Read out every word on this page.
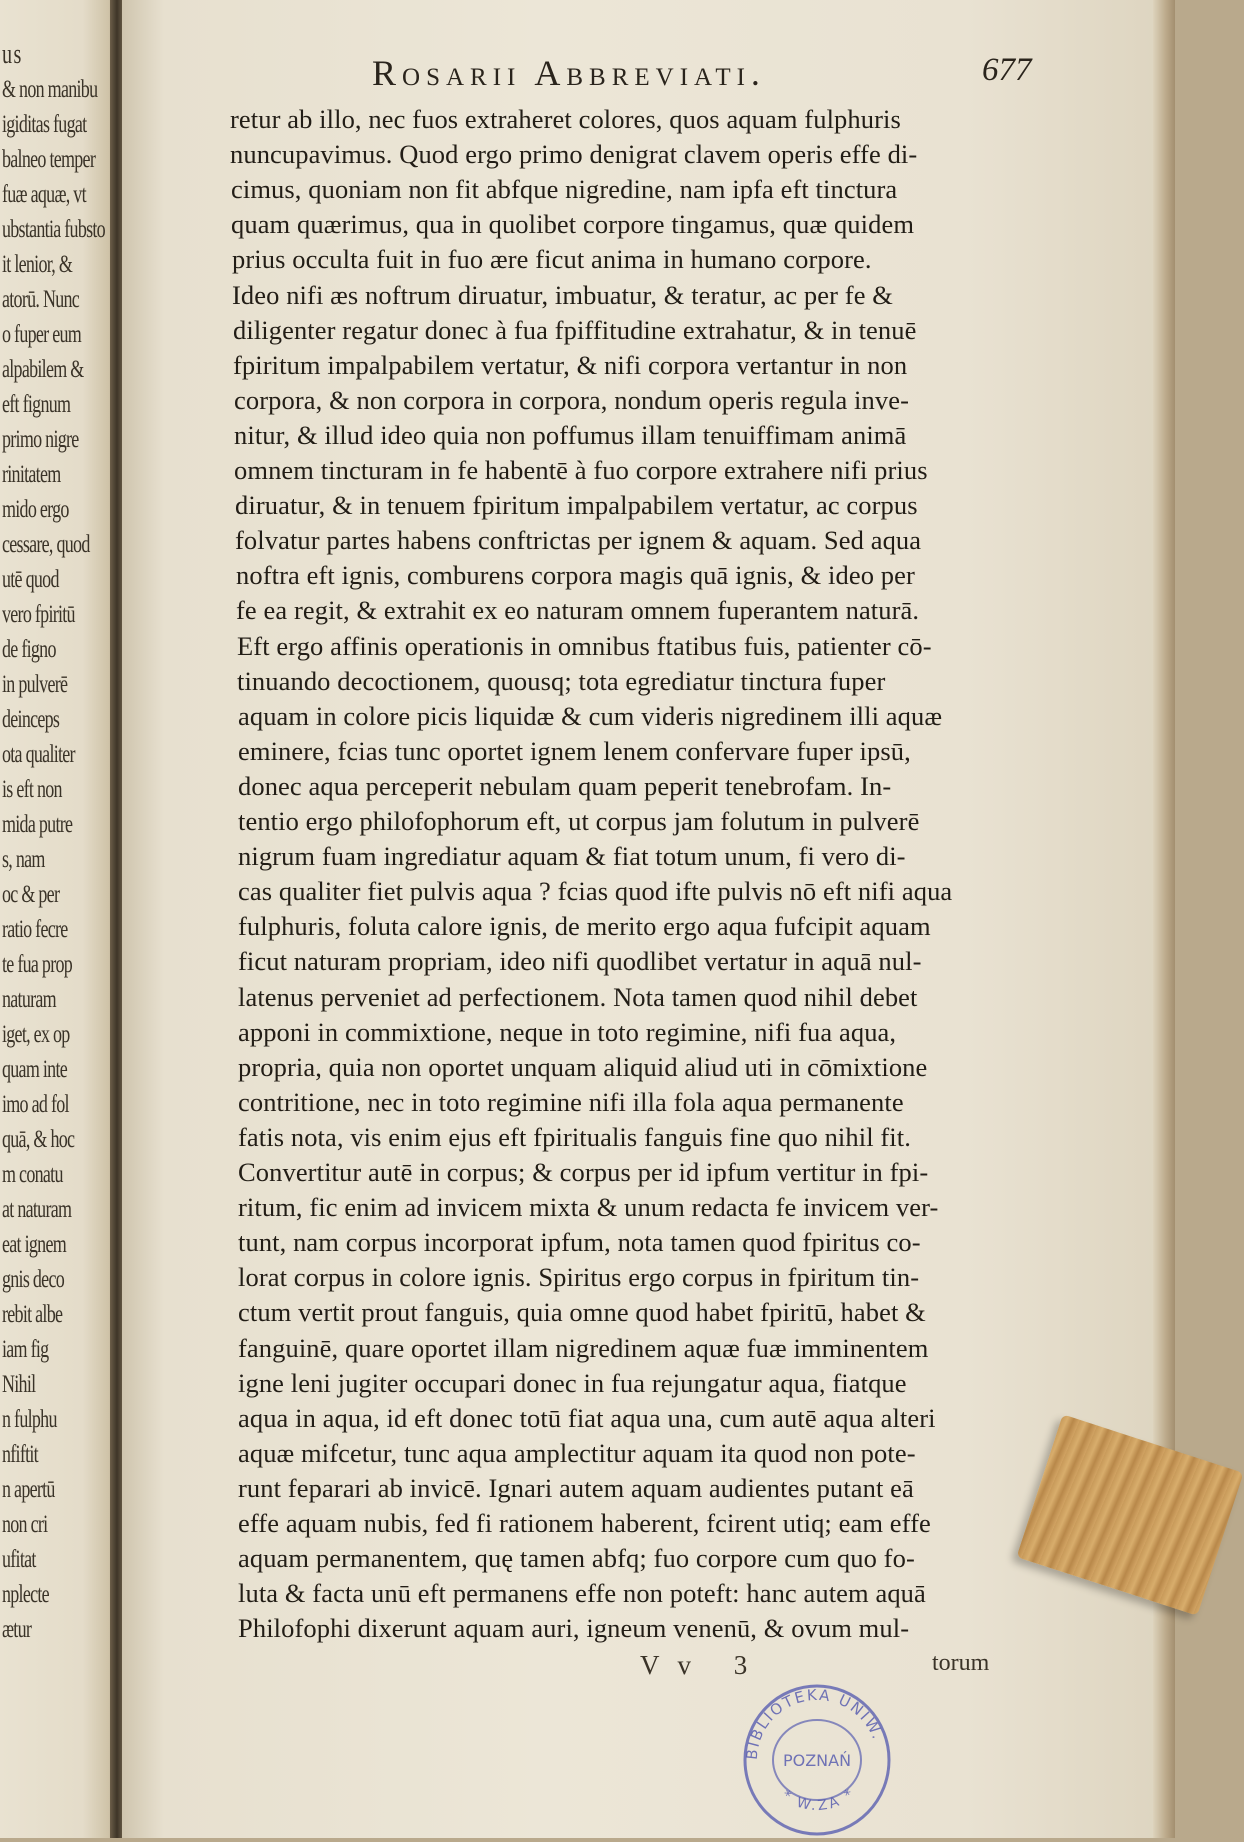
us
& non manibu
igiditas fugat
balneo temper
fuæ aquæ, vt
ubstantia fubsto
it lenior, &
atorū. Nunc
o fuper eum
alpabilem &
eft fignum
primo nigre
rinitatem
mido ergo
cessare, quod
utē quod
vero fpiritū
de figno
in pulverē
deinceps
ota qualiter
is eft non
mida putre
s, nam
oc & per
ratio fecre
te fua prop
naturam
iget, ex op
quam inte
imo ad fol
quā, & hoc
m conatu
at naturam
eat ignem
gnis deco
rebit albe
iam fig
Nihil
n fulphu
nfiftit
n apertū
non cri
ufitat
nplecte
ætur
Rosarii Abbreviati.	677
retur ab illo, nec fuos extraheret colores, quos aquam fulphuris
nuncupavimus. Quod ergo primo denigrat clavem operis effe di-
cimus, quoniam non fit abfque nigredine, nam ipfa eft tinctura
quam quærimus, qua in quolibet corpore tingamus, quæ quidem
prius occulta fuit in fuo ære ficut anima in humano corpore.
Ideo nifi æs noftrum diruatur, imbuatur, & teratur, ac per fe &
diligenter regatur donec à fua fpiffitudine extrahatur, & in tenuē
fpiritum impalpabilem vertatur, & nifi corpora vertantur in non
corpora, & non corpora in corpora, nondum operis regula inve-
nitur, & illud ideo quia non poffumus illam tenuiffimam animā
omnem tincturam in fe habentē à fuo corpore extrahere nifi prius
diruatur, & in tenuem fpiritum impalpabilem vertatur, ac corpus
folvatur partes habens conftrictas per ignem & aquam. Sed aqua
noftra eft ignis, comburens corpora magis quā ignis, & ideo per
fe ea regit, & extrahit ex eo naturam omnem fuperantem naturā.
Eft ergo affinis operationis in omnibus ftatibus fuis, patienter cō-
tinuando decoctionem, quousq; tota egrediatur tinctura fuper
aquam in colore picis liquidæ & cum videris nigredinem illi aquæ
eminere, fcias tunc oportet ignem lenem confervare fuper ipsū,
donec aqua perceperit nebulam quam peperit tenebrofam. In-
tentio ergo philofophorum eft, ut corpus jam folutum in pulverē
nigrum fuam ingrediatur aquam & fiat totum unum, fi vero di-
cas qualiter fiet pulvis aqua ? fcias quod ifte pulvis nō eft nifi aqua
fulphuris, foluta calore ignis, de merito ergo aqua fufcipit aquam
ficut naturam propriam, ideo nifi quodlibet vertatur in aquā nul-
latenus perveniet ad perfectionem. Nota tamen quod nihil debet
apponi in commixtione, neque in toto regimine, nifi fua aqua,
propria, quia non oportet unquam aliquid aliud uti in cōmixtione
contritione, nec in toto regimine nifi illa fola aqua permanente
fatis nota, vis enim ejus eft fpiritualis fanguis fine quo nihil fit.
Convertitur autē in corpus; & corpus per id ipfum vertitur in fpi-
ritum, fic enim ad invicem mixta & unum redacta fe invicem ver-
tunt, nam corpus incorporat ipfum, nota tamen quod fpiritus co-
lorat corpus in colore ignis. Spiritus ergo corpus in fpiritum tin-
ctum vertit prout fanguis, quia omne quod habet fpiritū, habet &
fanguinē, quare oportet illam nigredinem aquæ fuæ imminentem
igne leni jugiter occupari donec in fua rejungatur aqua, fiatque
aqua in aqua, id eft donec totū fiat aqua una, cum autē aqua alteri
aquæ mifcetur, tunc aqua amplectitur aquam ita quod non pote-
runt feparari ab invicē. Ignari autem aquam audientes putant eā
effe aquam nubis, fed fi rationem haberent, fcirent utiq; eam effe
aquam permanentem, quę tamen abfq; fuo corpore cum quo fo-
luta & facta unū eft permanens effe non poteft: hanc autem aquā
Philofophi dixerunt aquam auri, igneum venenū, & ovum mul-
Vv 3	torum
BIBLIOTEKA UNIW.
POZNAŃ
* W.ZA *
